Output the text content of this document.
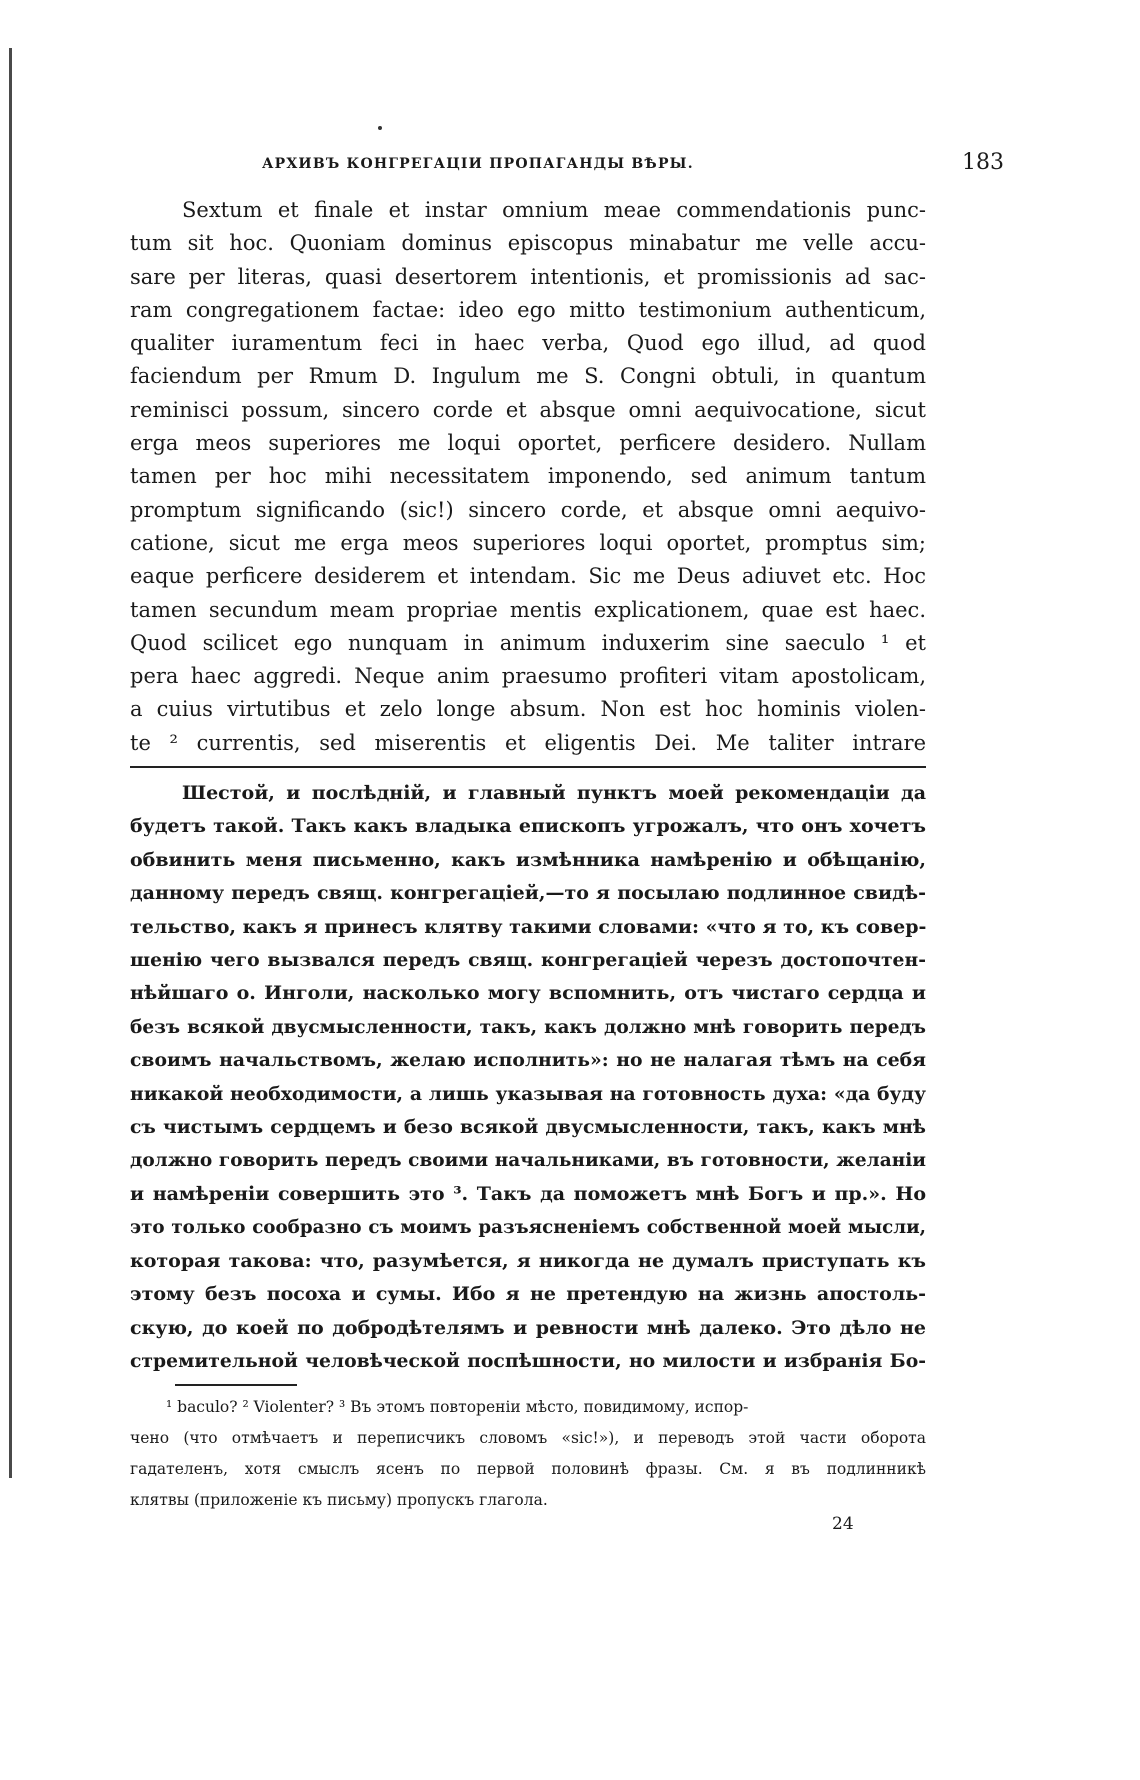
АРХИВЪ КОНГРЕГАЦІИ ПРОПАГАНДЫ ВѢРЫ.	183
Sextum et finale et instar omnium meae commendationis punc-
tum sit hoc. Quoniam dominus episcopus minabatur me velle accu-
sare per literas, quasi desertorem intentionis, et promissionis ad sac-
ram congregationem factae: ideo ego mitto testimonium authenticum,
qualiter iuramentum feci in haec verba, Quod ego illud, ad quod
faciendum per Rmum D. Ingulum me S. Congni obtuli, in quantum
reminisci possum, sincero corde et absque omni aequivocatione, sicut
erga meos superiores me loqui oportet, perficere desidero. Nullam
tamen per hoc mihi necessitatem imponendo, sed animum tantum
promptum significando (sic!) sincero corde, et absque omni aequivo-
catione, sicut me erga meos superiores loqui oportet, promptus sim;
eaque perficere desiderem et intendam. Sic me Deus adiuvet etc. Hoc
tamen secundum meam propriae mentis explicationem, quae est haec.
Quod scilicet ego nunquam in animum induxerim sine saeculo ¹ et
pera haec aggredi. Neque anim praesumo profiteri vitam apostolicam,
a cuius virtutibus et zelo longe absum. Non est hoc hominis violen-
te ² currentis, sed miserentis et eligentis Dei. Me taliter intrare
Шестой, и послѣдній, и главный пунктъ моей рекомендаціи да
будетъ такой. Такъ какъ владыка епископъ угрожалъ, что онъ хочетъ
обвинить меня письменно, какъ измѣнника намѣренію и обѣщанію,
данному передъ свящ. конгрегаціей,—то я посылаю подлинное свидѣ-
тельство, какъ я принесъ клятву такими словами: «что я то, къ совер-
шенію чего вызвался передъ свящ. конгрегаціей черезъ достопочтен-
нѣйшаго о. Инголи, насколько могу вспомнить, отъ чистаго сердца и
безъ всякой двусмысленности, такъ, какъ должно мнѣ говорить передъ
своимъ начальствомъ, желаю исполнить»: но не налагая тѣмъ на себя
никакой необходимости, а лишь указывая на готовность духа: «да буду
съ чистымъ сердцемъ и безо всякой двусмысленности, такъ, какъ мнѣ
должно говорить передъ своими начальниками, въ готовности, желаніи
и намѣреніи совершить это ³. Такъ да поможетъ мнѣ Богъ и пр.». Но
это только сообразно съ моимъ разъясненіемъ собственной моей мысли,
которая такова: что, разумѣется, я никогда не думалъ приступать къ
этому безъ посоха и сумы. Ибо я не претендую на жизнь апостоль-
скую, до коей по добродѣтелямъ и ревности мнѣ далеко. Это дѣло не
стремительной человѣческой поспѣшности, но милости и избранія Бо-
¹ baculo? ² Violenter? ³ Въ этомъ повтореніи мѣсто, повидимому, испор-
чено (что отмѣчаетъ и переписчикъ словомъ «sic!»), и переводъ этой части оборота
гадателенъ, хотя смыслъ ясенъ по первой половинѣ фразы. См. я въ подлинникѣ
клятвы (приложеніе къ письму) пропускъ глагола.
24
